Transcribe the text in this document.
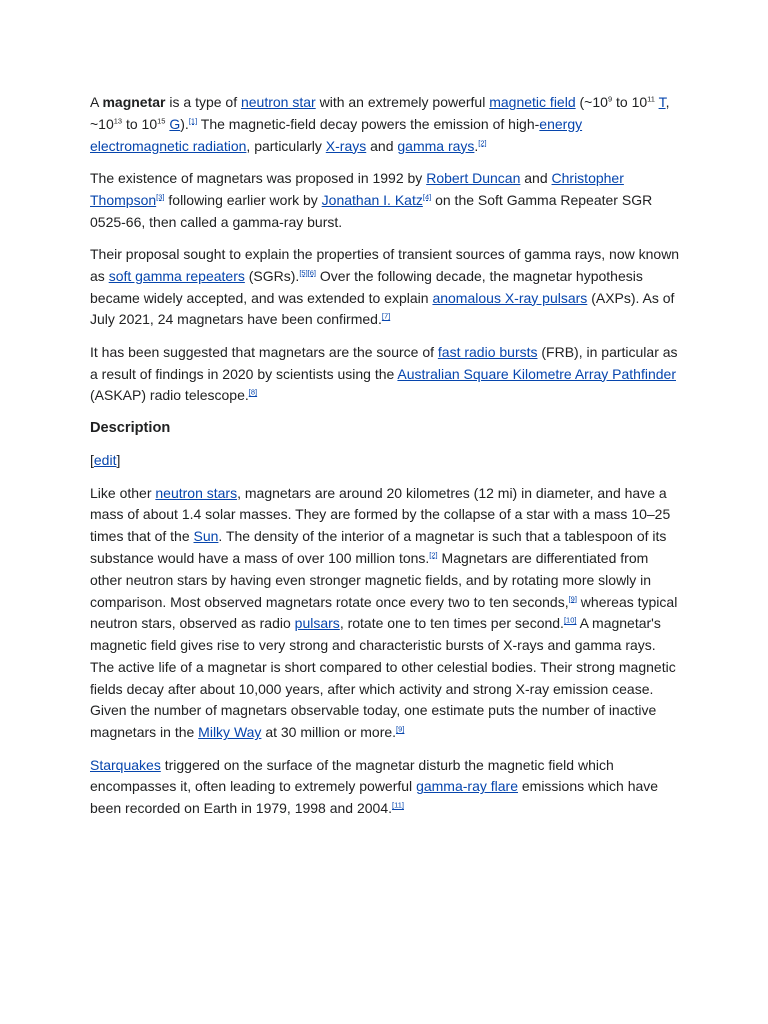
A magnetar is a type of neutron star with an extremely powerful magnetic field ($\sim 10^9$ to $10^{11}$ T, $\sim 10^{13}$ to $10^{15}$ G).[1] The magnetic-field decay powers the emission of high-energy electromagnetic radiation, particularly X-rays and gamma rays.[2]

The existence of magnetars was proposed in 1992 by Robert Duncan and Christopher Thompson[3] following earlier work by Jonathan I. Katz[4] on the Soft Gamma Repeater SGR 0525-66, then called a gamma-ray burst.

Their proposal sought to explain the properties of transient sources of gamma rays, now known as soft gamma repeaters (SGRs).[5][6] Over the following decade, the magnetar hypothesis became widely accepted, and was extended to explain anomalous X-ray pulsars (AXPs). As of July 2021, 24 magnetars have been confirmed.[7]

It has been suggested that magnetars are the source of fast radio bursts (FRB), in particular as a result of findings in 2020 by scientists using the Australian Square Kilometre Array Pathfinder (ASKAP) radio telescope.[8]

Description

[edit]

Like other neutron stars, magnetars are around 20 kilometres (12 mi) in diameter, and have a mass of about 1.4 solar masses. They are formed by the collapse of a star with a mass 10–25 times that of the Sun. The density of the interior of a magnetar is such that a tablespoon of its substance would have a mass of over 100 million tons.[2] Magnetars are differentiated from other neutron stars by having even stronger magnetic fields, and by rotating more slowly in comparison. Most observed magnetars rotate once every two to ten seconds,[9] whereas typical neutron stars, observed as radio pulsars, rotate one to ten times per second.[10] A magnetar's magnetic field gives rise to very strong and characteristic bursts of X-rays and gamma rays. The active life of a magnetar is short compared to other celestial bodies. Their strong magnetic fields decay after about 10,000 years, after which activity and strong X-ray emission cease. Given the number of magnetars observable today, one estimate puts the number of inactive magnetars in the Milky Way at 30 million or more.[9]

Starquakes triggered on the surface of the magnetar disturb the magnetic field which encompasses it, often leading to extremely powerful gamma-ray flare emissions which have been recorded on Earth in 1979, 1998 and 2004.[11]
